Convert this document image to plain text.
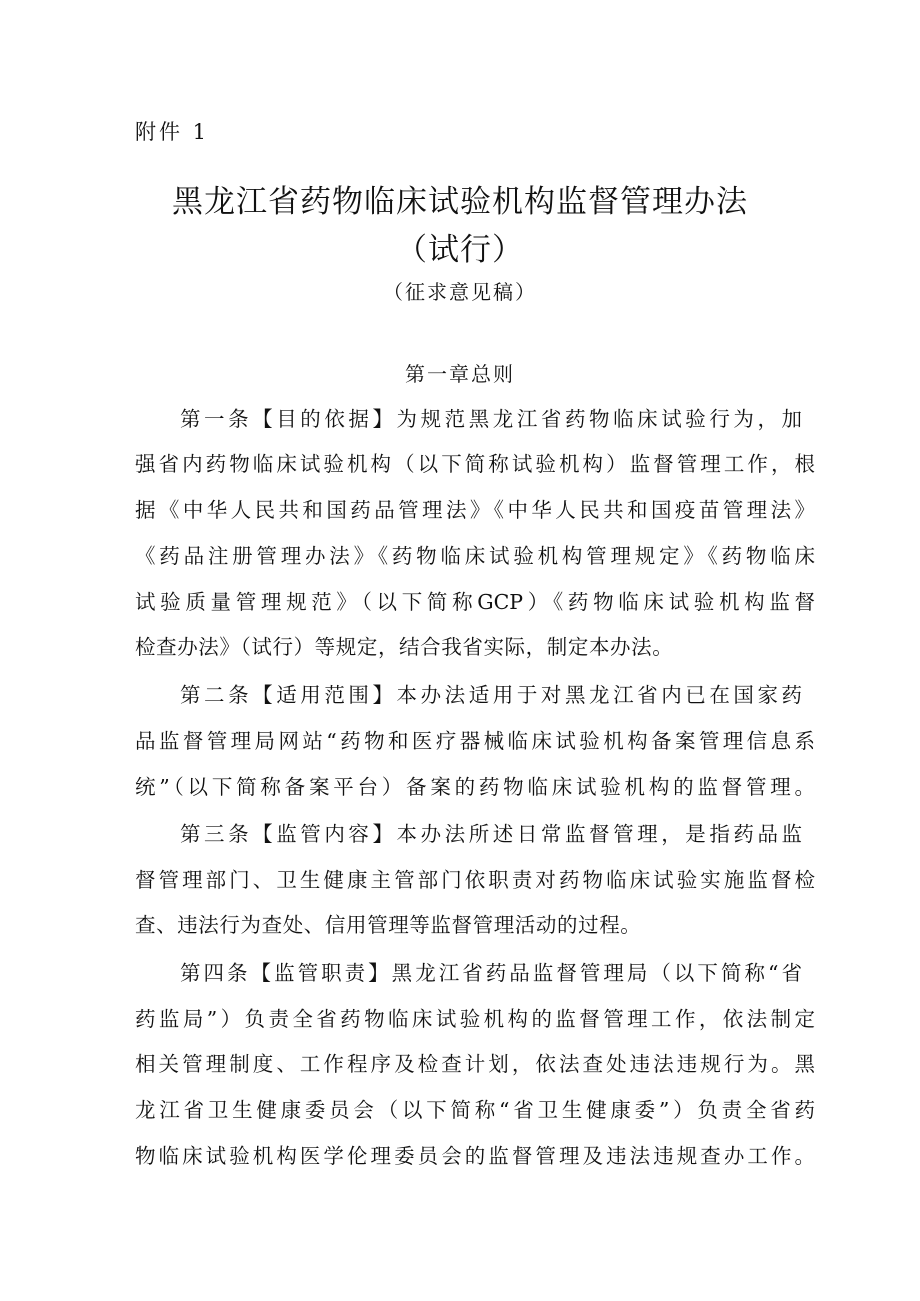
附件 1
黑龙江省药物临床试验机构监督管理办法
（试行）
（征求意见稿）
第一章总则
第一条【目的依据】为规范黑龙江省药物临床试验行为，加
强省内药物临床试验机构（以下简称试验机构）监督管理工作，根
据《中华人民共和国药品管理法》《中华人民共和国疫苗管理法》
《药品注册管理办法》《药物临床试验机构管理规定》《药物临床
试验质量管理规范》（以下简称GCP）《药物临床试验机构监督
检查办法》（试行）等规定，结合我省实际，制定本办法。
第二条【适用范围】本办法适用于对黑龙江省内已在国家药
品监督管理局网站“药物和医疗器械临床试验机构备案管理信息系
统”（以下简称备案平台）备案的药物临床试验机构的监督管理。
第三条【监管内容】本办法所述日常监督管理，是指药品监
督管理部门、卫生健康主管部门依职责对药物临床试验实施监督检
查、违法行为查处、信用管理等监督管理活动的过程。
第四条【监管职责】黑龙江省药品监督管理局（以下简称“省
药监局”）负责全省药物临床试验机构的监督管理工作，依法制定
相关管理制度、工作程序及检查计划，依法查处违法违规行为。黑
龙江省卫生健康委员会（以下简称“省卫生健康委”）负责全省药
物临床试验机构医学伦理委员会的监督管理及违法违规查办工作。
